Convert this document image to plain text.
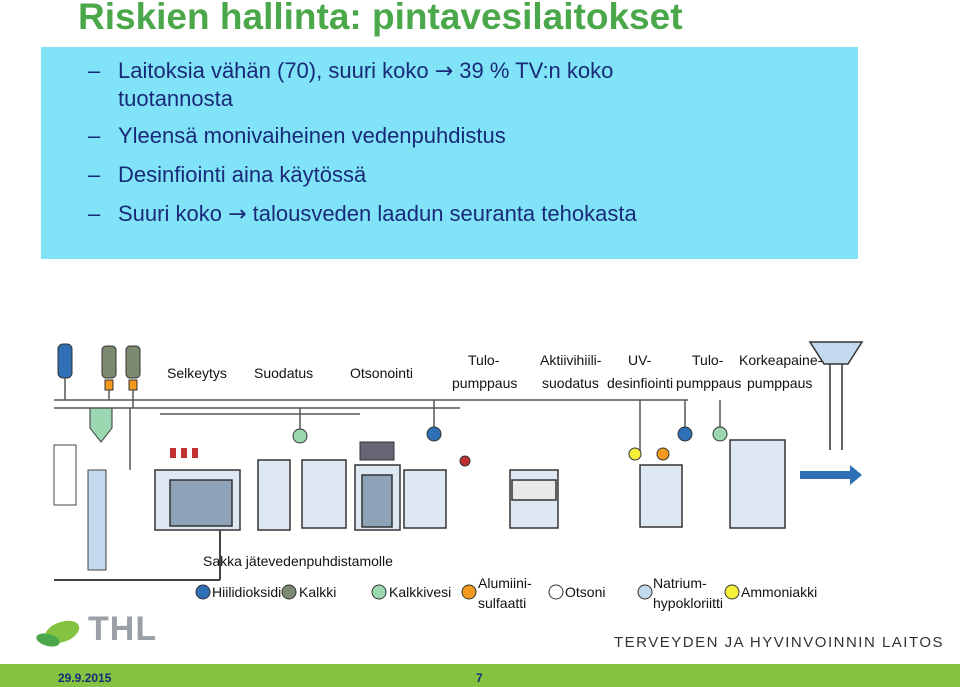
Riskien hallinta: pintavesilaitokset
– Laitoksia vähän (70), suuri koko → 39 % TV:n koko
tuotannosta
– Yleensä monivaiheinen vedenpuhdistus
– Desinfiointi aina käytössä
– Suuri koko → talousveden laadun seuranta tehokasta
Selkeytys Suodatus	Otsonointi
Tulo-
pumppaus
Aktiivihiili-
suodatus
UV-
desinfiointi
Tulo-
pumppaus
Korkeapaine-
pumppaus
Sakka jätevedenpuhdistamolle
Hiilidioksidi Kalkki	Kalkkivesi
Alumiini-
sulfaatti
Otsoni
Natrium-
hypokloriitti
Ammoniakki
THL	TERVEYDEN JA HYVINVOINNIN LAITOS
29.9.2015	7
